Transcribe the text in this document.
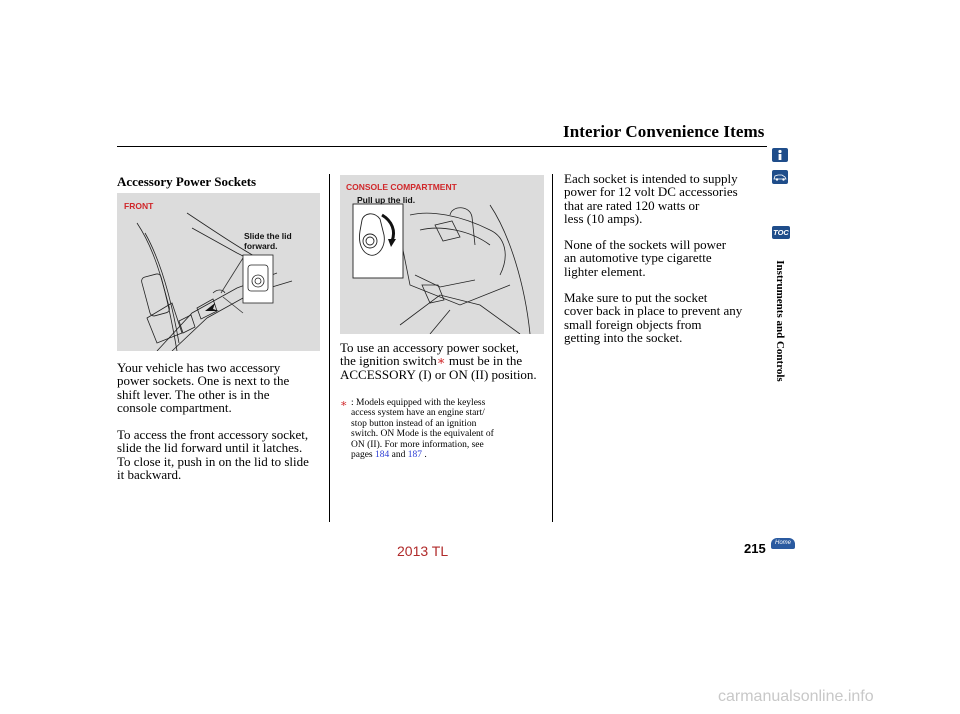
Interior Convenience Items
Accessory Power Sockets
FRONT
Slide the lid
forward.
CONSOLE COMPARTMENT
Pull up the lid.
Your vehicle has two accessory
power sockets. One is next to the
shift lever. The other is in the
console compartment.
To access the front accessory socket,
slide the lid forward until it latches.
To close it, push in on the lid to slide
it backward.
To use an accessory power socket,
the ignition switch∗ must be in the
ACCESSORY (I) or ON (II) position.
∗ : Models equipped with the keyless
access system have an engine start/
stop button instead of an ignition
switch. ON Mode is the equivalent of
ON (II). For more information, see
pages 184 and 187 .
Each socket is intended to supply
power for 12 volt DC accessories
that are rated 120 watts or
less (10 amps).
None of the sockets will power
an automotive type cigarette
lighter element.
Make sure to put the socket
cover back in place to prevent any
small foreign objects from
getting into the socket.
TOC
Instruments and Controls
215	Home
2013 TL
carmanualsonline.info
